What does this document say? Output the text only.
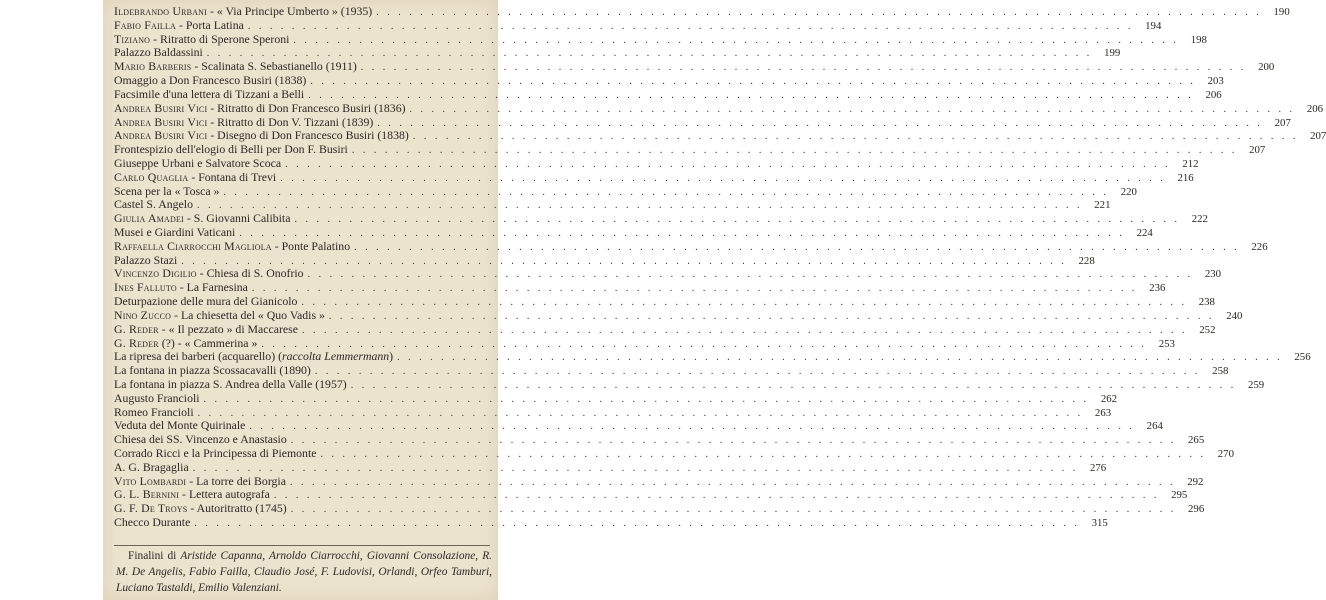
Ildebrando Urbani - « Via Principe Umberto » (1935) . . .	190
Fabio Failla - Porta Latina . . .	194
Tiziano - Ritratto di Sperone Speroni . . .	198
Palazzo Baldassini . . .	199
Mario Barberis - Scalinata S. Sebastianello (1911) . . .	200
Omaggio a Don Francesco Busiri (1838) . . .	203
Facsimile d'una lettera di Tizzani a Belli . . .	206
Andrea Busiri Vici - Ritratto di Don Francesco Busiri (1836) . . .	206
Andrea Busiri Vici - Ritratto di Don V. Tizzani (1839) . . .	207
Andrea Busiri Vici - Disegno di Don Francesco Busiri (1838) . . .	207
Frontespizio dell'elogio di Belli per Don F. Busiri . . .	207
Giuseppe Urbani e Salvatore Scoca . . .	212
Carlo Quaglia - Fontana di Trevi . . .	216
Scena per la « Tosca » . . .	220
Castel S. Angelo . . .	221
Giulia Amadei - S. Giovanni Calibita . . .	222
Musei e Giardini Vaticani . . .	224
Raffaella Ciarrocchi Magliola - Ponte Palatino . . .	226
Palazzo Stazi . . .	228
Vincenzo Digilio - Chiesa di S. Onofrio . . .	230
Ines Falluto - La Farnesina . . .	236
Deturpazione delle mura del Gianicolo . . .	238
Nino Zucco - La chiesetta del « Quo Vadis » . . .	240
G. Reder - « Il pezzato » di Maccarese . . .	252
G. Reder (?) - « Cammerina » . . .	253
La ripresa dei barberi (acquarello) (raccolta Lemmermann) . . .	256
La fontana in piazza Scossacavalli (1890) . . .	258
La fontana in piazza S. Andrea della Valle (1957) . . .	259
Augusto Francioli . . .	262
Romeo Francioli . . .	263
Veduta del Monte Quirinale . . .	264
Chiesa dei SS. Vincenzo e Anastasio . . .	265
Corrado Ricci e la Principessa di Piemonte . . .	270
A. G. Bragaglia . . .	276
Vito Lombardi - La torre dei Borgia . . .	292
G. L. Bernini - Lettera autografa . . .	295
G. F. De Troys - Autoritratto (1745) . . .	296
Checco Durante . . .	315
Finalini di Aristide Capanna, Arnoldo Ciarrocchi, Giovanni Consolazione, R. M. De Angelis, Fabio Failla, Claudio José, F. Ludovisi, Orlandi, Orfeo Tamburi, Luciano Tastaldi, Emilio Valenziani.
